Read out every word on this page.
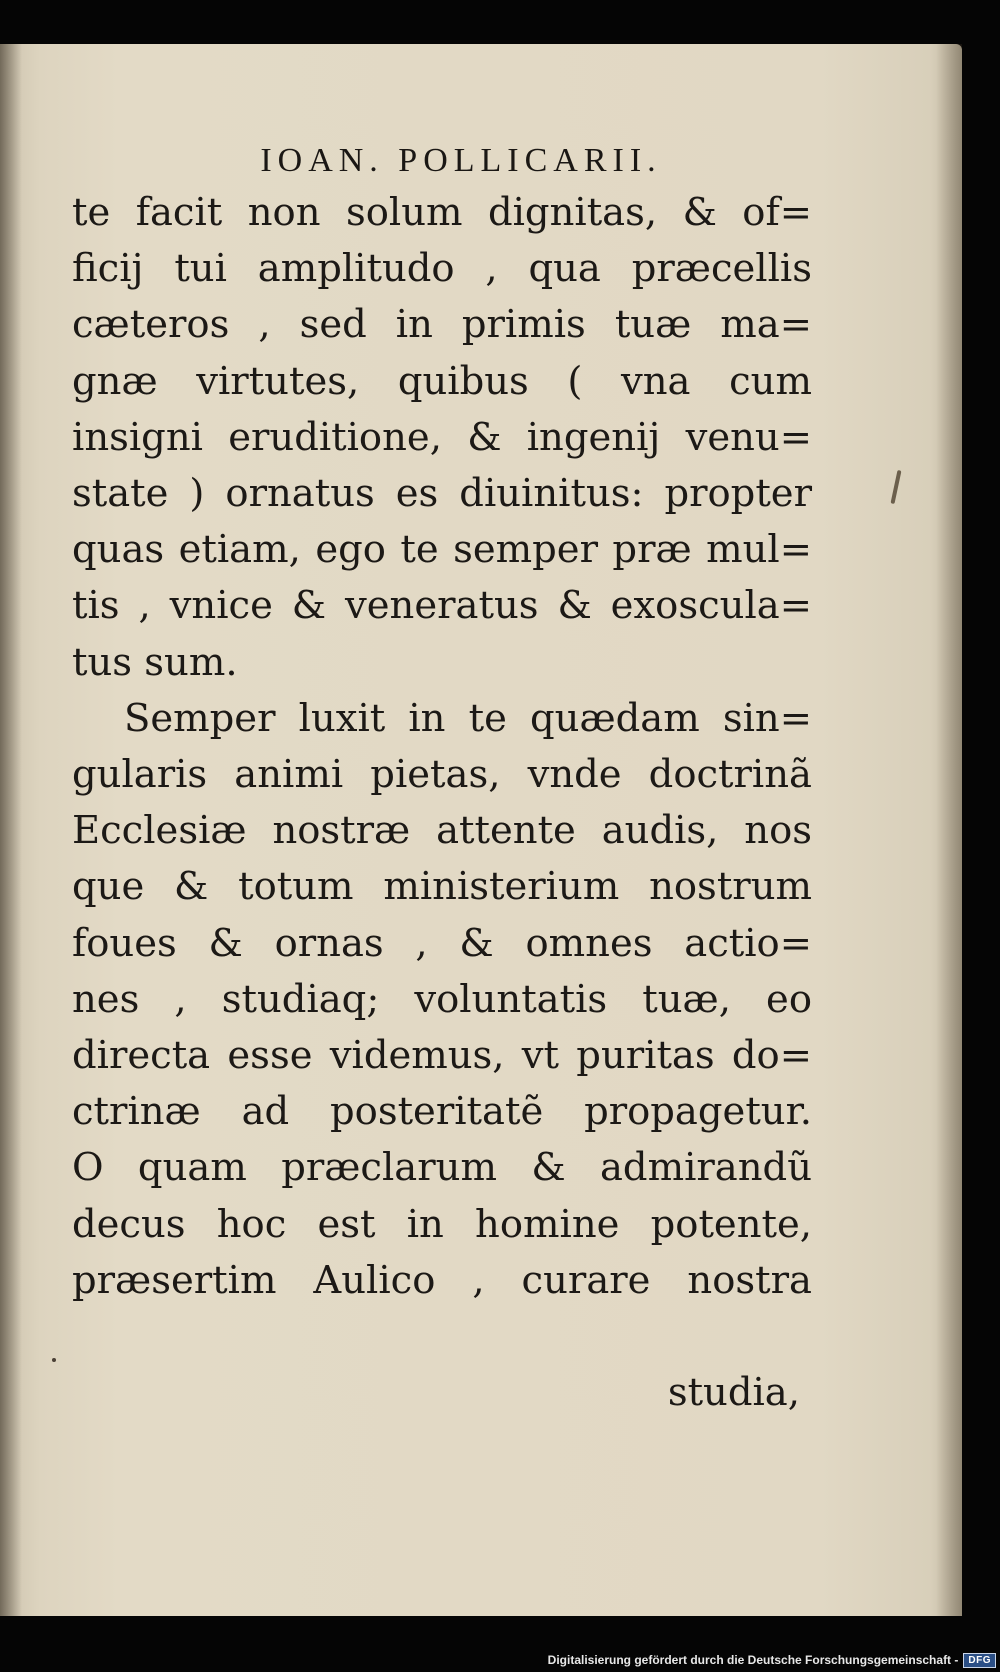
IOAN. POLLICARII.
te facit non solum dignitas, & of=
ficij tui amplitudo , qua præcellis
cæteros , sed in primis tuæ ma=
gnæ virtutes, quibus ( vna cum
insigni eruditione, & ingenij venu=
state ) ornatus es diuinitus: propter
quas etiam, ego te semper præ mul=
tis , vnice & veneratus & exoscula=
tus sum.
Semper luxit in te quædam sin=
gularis animi pietas, vnde doctrinã
Ecclesiæ nostræ attente audis, nos
que & totum ministerium nostrum
foues & ornas , & omnes actio=
nes , studiaq; voluntatis tuæ, eo
directa esse videmus, vt puritas do=
ctrinæ ad posteritatẽ propagetur.
O quam præclarum & admirandũ
decus hoc est in homine potente,
præsertim Aulico , curare nostra
studia,
Digitalisierung gefördert durch die Deutsche Forschungsgemeinschaft -	DFG
